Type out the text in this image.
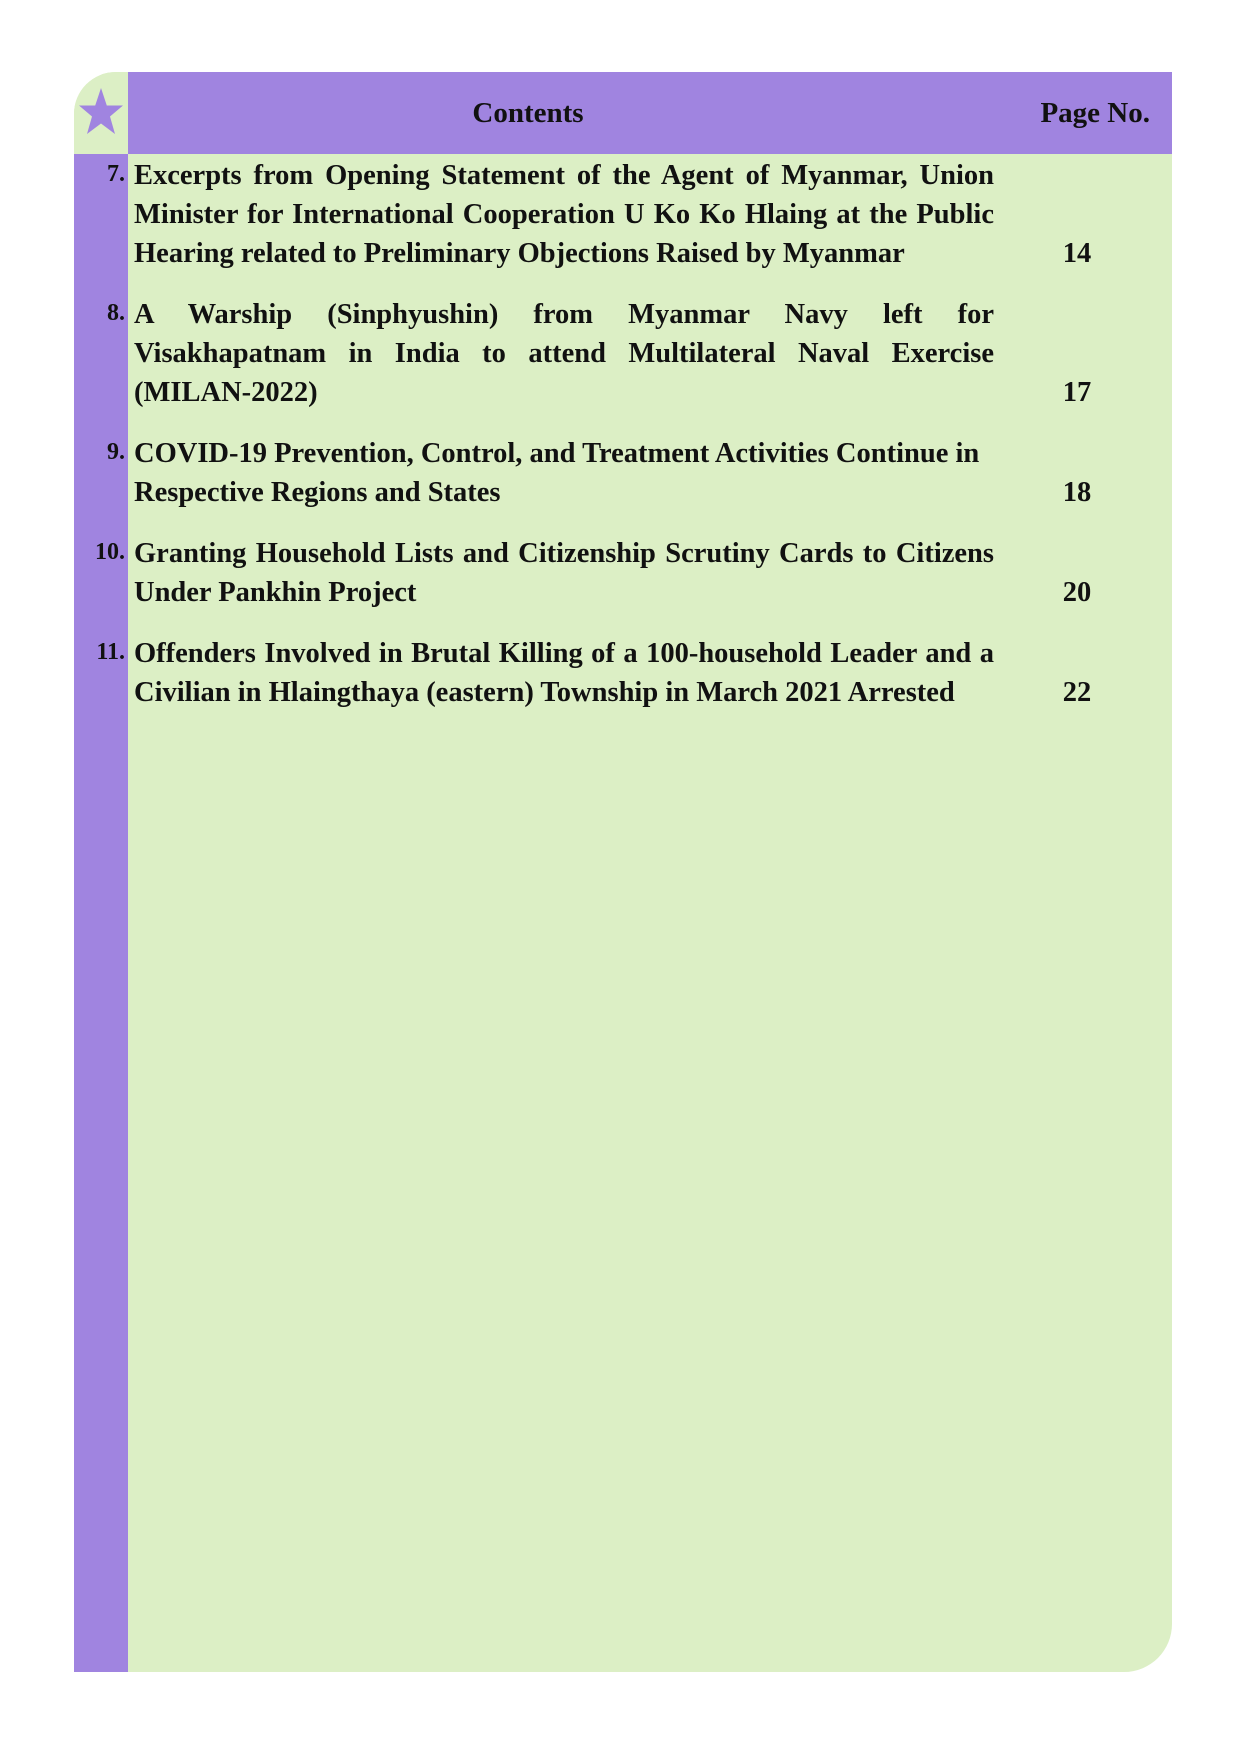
Contents	Page No.
7. Excerpts from Opening Statement of the Agent of Myanmar, Union Minister for International Cooperation U Ko Ko Hlaing at the Public Hearing related to Preliminary Objections Raised by Myanmar	14
8. A Warship (Sinphyushin) from Myanmar Navy left for Visakhapatnam in India to attend Multilateral Naval Exercise (MILAN-2022)	17
9. COVID-19 Prevention, Control, and Treatment Activities Continue in Respective Regions and States	18
10. Granting Household Lists and Citizenship Scrutiny Cards to Citizens Under Pankhin Project	20
11. Offenders Involved in Brutal Killing of a 100-household Leader and a Civilian in Hlaingthaya (eastern) Township in March 2021 Arrested	22
